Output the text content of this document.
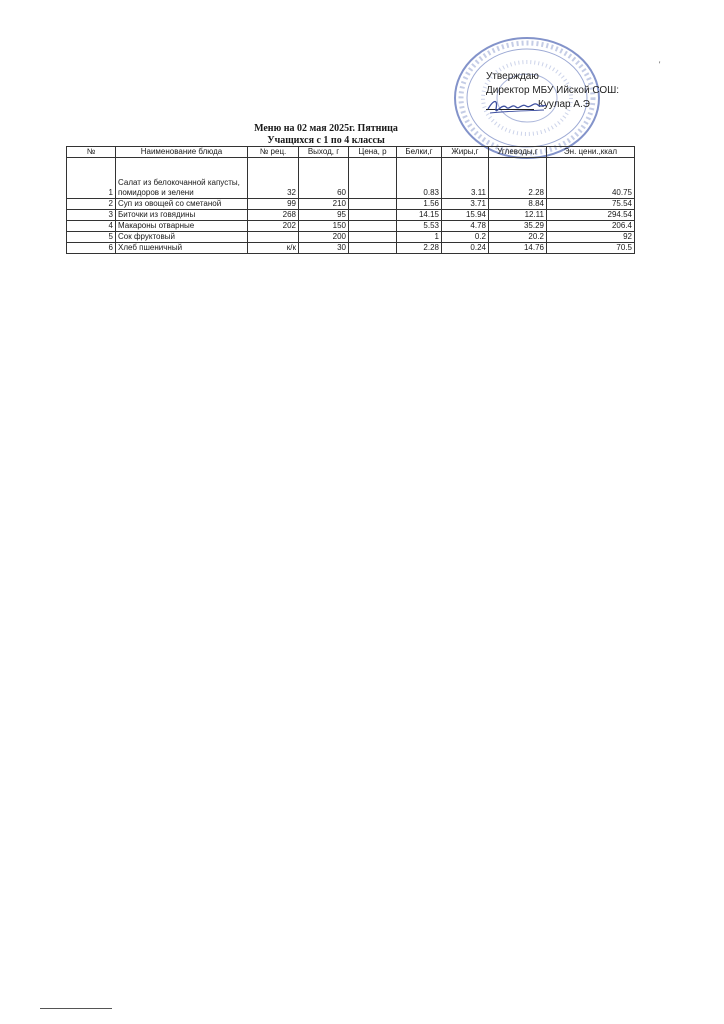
'
Утверждаю
Директор МБУ Ийской СОШ:
Куулар А.Э
Меню на 02 мая 2025г. Пятница
Учащихся с 1 по 4 классы
№	Наименование блюда	№ рец.	Выход, г	Цена, р	Белки,г	Жиры,г	Углеводы,г	Эн. цени.,ккал
1	Салат из белокочанной капусты, помидоров и зелени	32	60		0.83	3.11	2.28	40.75
2	Суп из овощей со сметаной	99	210		1.56	3.71	8.84	75.54
3	Биточки из говядины	268	95		14.15	15.94	12.11	294.54
4	Макароны отварные	202	150		5.53	4.78	35.29	206.4
5	Сок фруктовый		200		1	0.2	20.2	92
6	Хлеб пшеничный	к/к	30		2.28	0.24	14.76	70.5
